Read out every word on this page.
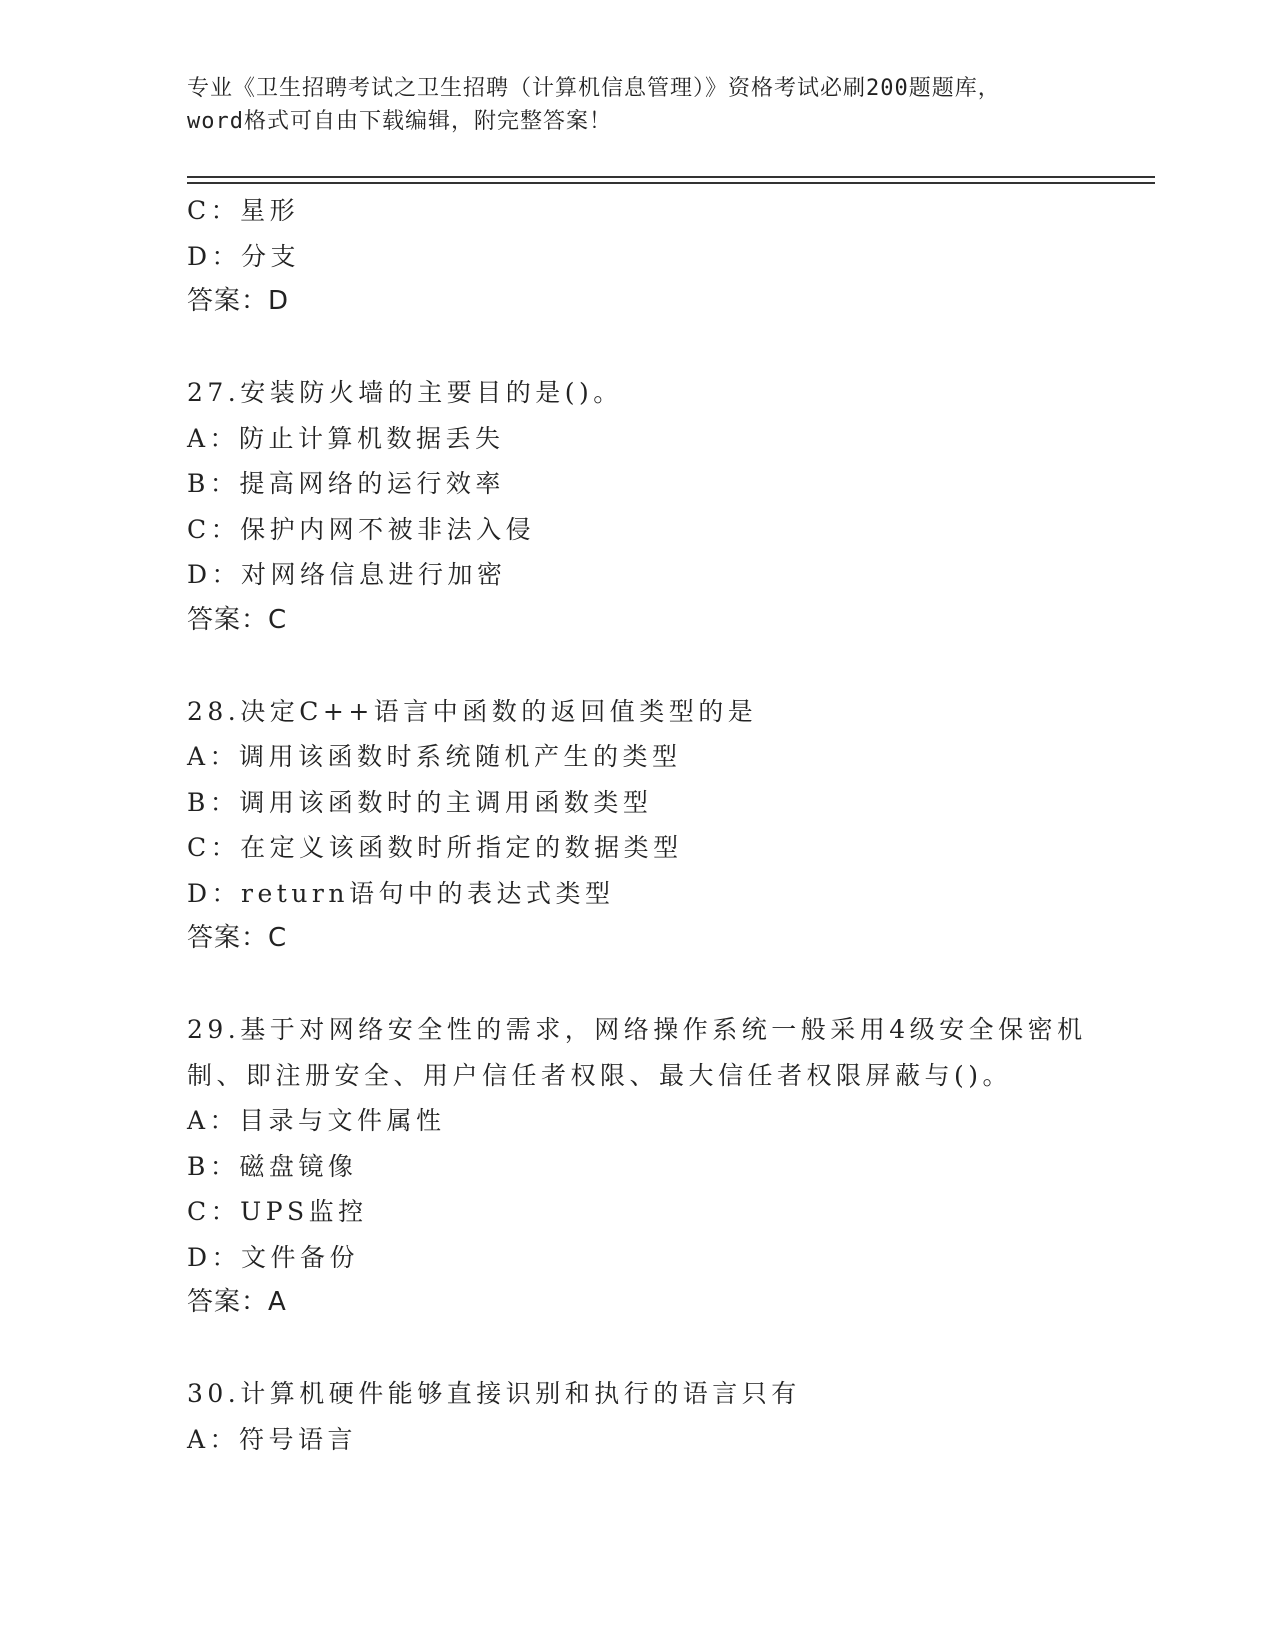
专业《卫生招聘考试之卫生招聘（计算机信息管理）》资格考试必刷200题题库，
word格式可自由下载编辑，附完整答案！
C：星形
D：分支
答案：D
27.安装防火墙的主要目的是()。
A：防止计算机数据丢失
B：提高网络的运行效率
C：保护内网不被非法入侵
D：对网络信息进行加密
答案：C
28.决定C++语言中函数的返回值类型的是
A：调用该函数时系统随机产生的类型
B：调用该函数时的主调用函数类型
C：在定义该函数时所指定的数据类型
D：return语句中的表达式类型
答案：C
29.基于对网络安全性的需求，网络操作系统一般采用4级安全保密机
制、即注册安全、用户信任者权限、最大信任者权限屏蔽与()。
A：目录与文件属性
B：磁盘镜像
C：UPS监控
D：文件备份
答案：A
30.计算机硬件能够直接识别和执行的语言只有
A：符号语言
